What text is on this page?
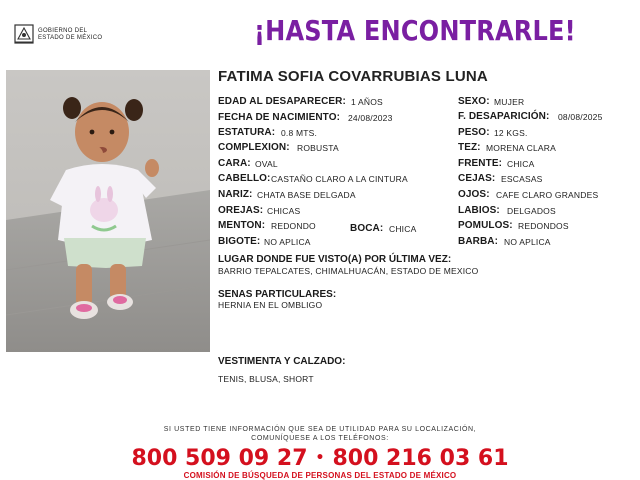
GOBIERNO DEL
ESTADO DE MÉXICO	¡HASTA ENCONTRARLE!
FATIMA SOFIA COVARRUBIAS LUNA
EDAD AL DESAPARECER: 1 AÑOS
FECHA DE NACIMIENTO: 24/08/2023
ESTATURA: 0.8 MTS.
COMPLEXION: ROBUSTA
CARA: OVAL
CABELLO: CASTAÑO CLARO A LA CINTURA
NARIZ: CHATA BASE DELGADA
OREJAS: CHICAS
MENTON: REDONDO	BOCA: CHICA
BIGOTE: NO APLICA
SEXO: MUJER
F. DESAPARICIÓN: 08/08/2025
PESO: 12 KGS.
TEZ: MORENA CLARA
FRENTE: CHICA
CEJAS: ESCASAS
OJOS: CAFE CLARO GRANDES
LABIOS: DELGADOS
POMULOS: REDONDOS
BARBA: NO APLICA
LUGAR DONDE FUE VISTO(A) POR ÚLTIMA VEZ:
BARRIO TEPALCATES, CHIMALHUACÁN, ESTADO DE MEXICO
SENAS PARTICULARES:
HERNIA EN EL OMBLIGO
VESTIMENTA Y CALZADO:
TENIS, BLUSA, SHORT
SI USTED TIENE INFORMACIÓN QUE SEA DE UTILIDAD PARA SU LOCALIZACIÓN,
COMUNÍQUESE A LOS TELÉFONOS:
800 509 09 27 • 800 216 03 61
COMISIÓN DE BÚSQUEDA DE PERSONAS DEL ESTADO DE MÉXICO
